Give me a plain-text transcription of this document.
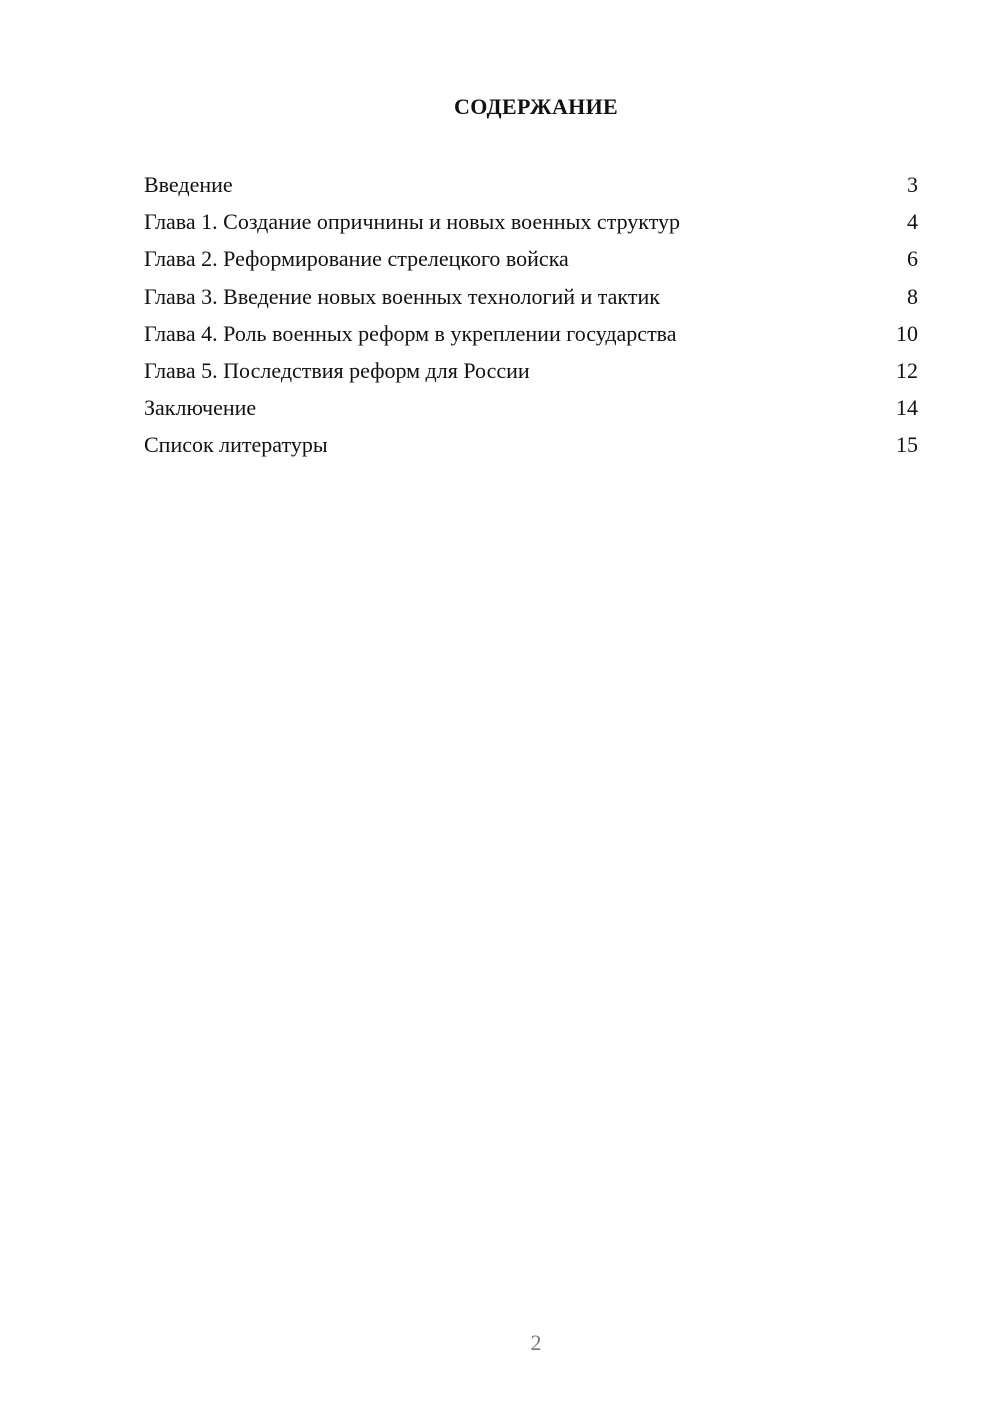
СОДЕРЖАНИЕ
Введение	3
Глава 1. Создание опричнины и новых военных структур	4
Глава 2. Реформирование стрелецкого войска	6
Глава 3. Введение новых военных технологий и тактик	8
Глава 4. Роль военных реформ в укреплении государства	10
Глава 5. Последствия реформ для России	12
Заключение	14
Список литературы	15
2
